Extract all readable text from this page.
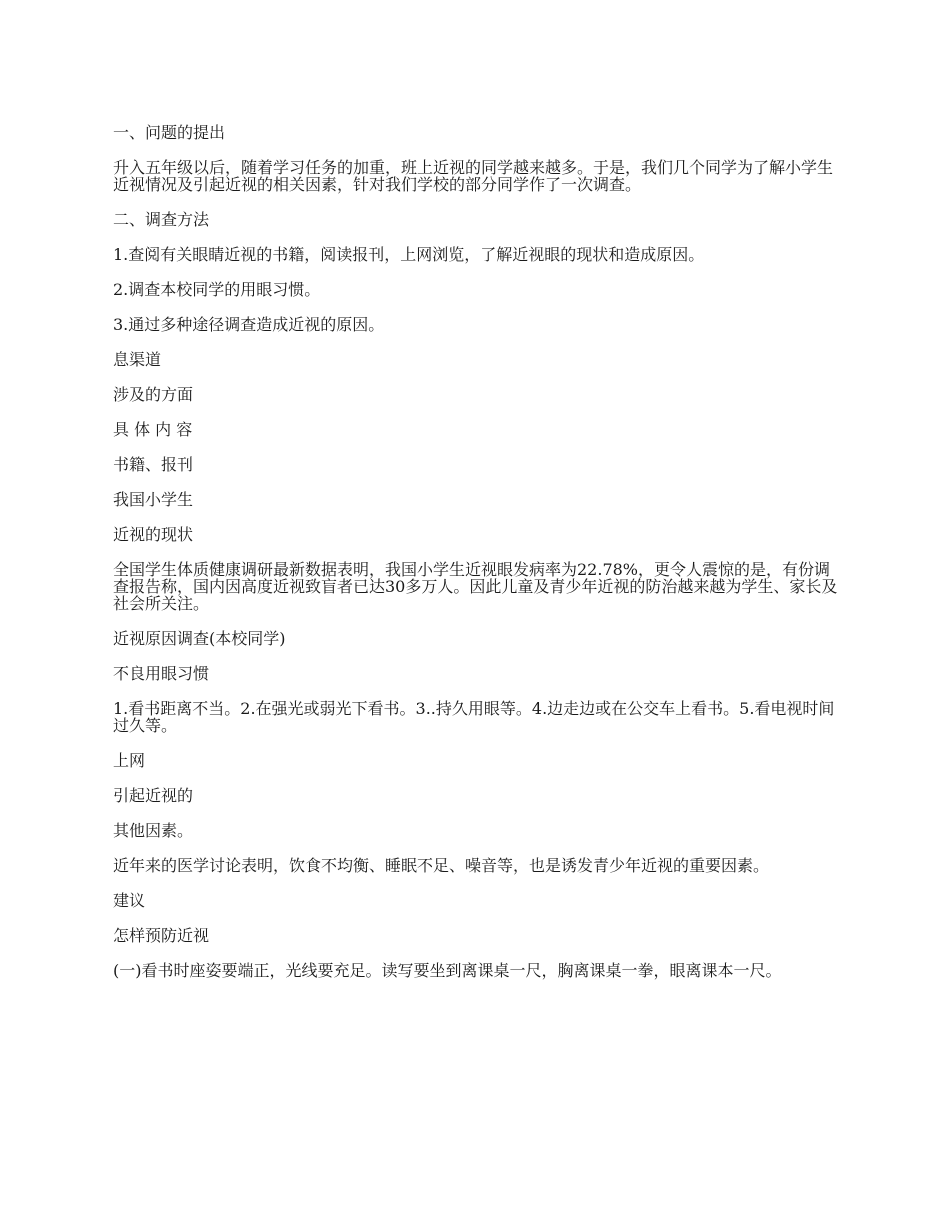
一、问题的提出

升入五年级以后，随着学习任务的加重，班上近视的同学越来越多。于是，我们几个同学为了解小学生近视情况及引起近视的相关因素，针对我们学校的部分同学作了一次调查。

二、调查方法

1.查阅有关眼睛近视的书籍，阅读报刊，上网浏览，了解近视眼的现状和造成原因。

2.调查本校同学的用眼习惯。

3.通过多种途径调查造成近视的原因。

息渠道

涉及的方面

具 体 内 容

书籍、报刊

我国小学生

近视的现状

全国学生体质健康调研最新数据表明，我国小学生近视眼发病率为22.78%，更令人震惊的是，有份调查报告称，国内因高度近视致盲者已达30多万人。因此儿童及青少年近视的防治越来越为学生、家长及社会所关注。

近视原因调查(本校同学)

不良用眼习惯

1.看书距离不当。2.在强光或弱光下看书。3..持久用眼等。4.边走边或在公交车上看书。5.看电视时间过久等。

上网

引起近视的

其他因素。

近年来的医学讨论表明，饮食不均衡、睡眠不足、噪音等，也是诱发青少年近视的重要因素。

建议

怎样预防近视

(一)看书时座姿要端正，光线要充足。读写要坐到离课桌一尺，胸离课桌一拳，眼离课本一尺。
